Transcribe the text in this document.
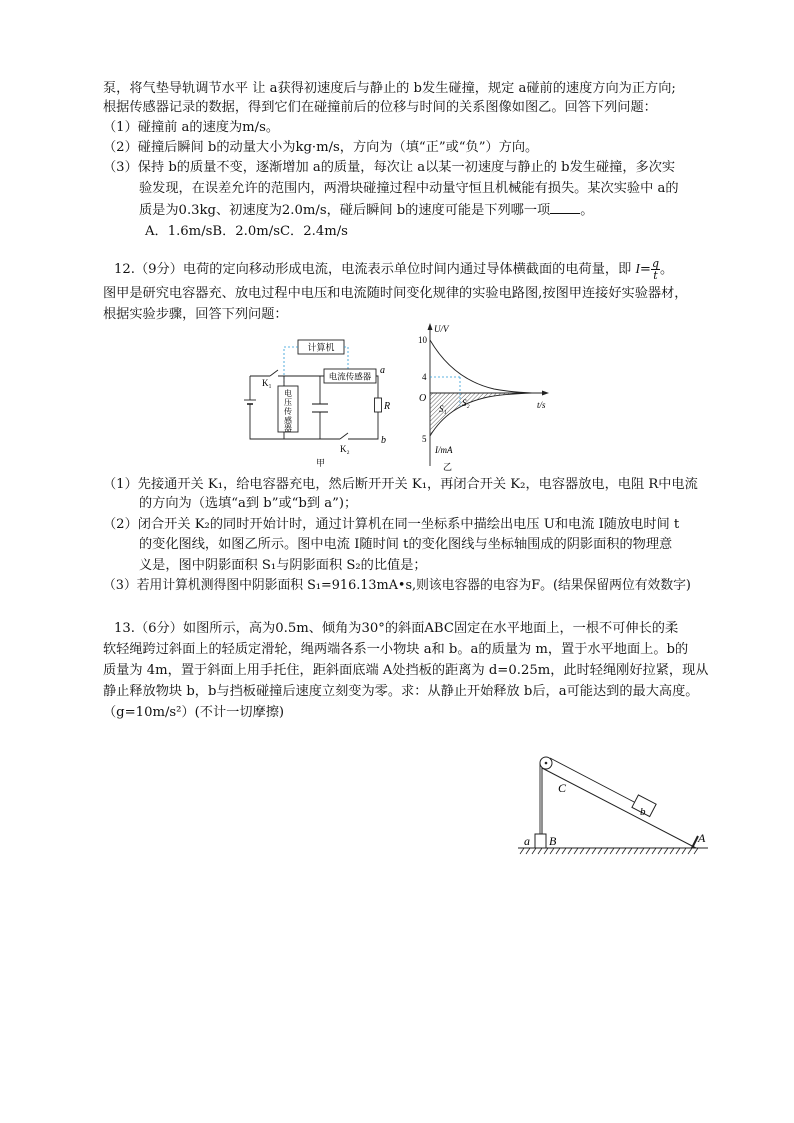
泵，将气垫导轨调节水平 让 a获得初速度后与静止的 b发生碰撞，规定 a碰前的速度方向为正方向;
根据传感器记录的数据，得到它们在碰撞前后的位移与时间的关系图像如图乙。回答下列问题：
（1）碰撞前 a的速度为m/s。
（2）碰撞后瞬间 b的动量大小为kg·m/s，方向为（填“正”或“负”）方向。
（3）保持 b的质量不变，逐渐增加 a的质量，每次让 a以某一初速度与静止的 b发生碰撞，多次实
验发现，在误差允许的范围内，两滑块碰撞过程中动量守恒且机械能有损失。某次实验中 a的
质是为0.3kg、初速度为2.0m/s，碰后瞬间 b的速度可能是下列哪一项 。
A．1.6m/sB．2.0m/sC．2.4m/s
12.（9分）电荷的定向移动形成电流，电流表示单位时间内通过导体横截面的电荷量，即 $I= \frac{q}{t}$ 。
图甲是研究电容器充、放电过程中电压和电流随时间变化规律的实验电路图,按图甲连接好实验器材，
根据实验步骤，回答下列问题：
计算机
电流传感器
电
压
传
感
器
K₁
K₂
R
a
b
甲
U/V
10
4
O
5
I/mA
t/s
S₁
S₂
乙
（1）先接通开关 K₁，给电容器充电，然后断开开关 K₁，再闭合开关 K₂，电容器放电，电阻 R中电流
的方向为（选填“a到 b”或“b到 a”)；
（2）闭合开关 K₂的同时开始计时，通过计算机在同一坐标系中描绘出电压 U和电流 I随放电时间 t
的变化图线，如图乙所示。图中电流 I随时间 t的变化图线与坐标轴围成的阴影面积的物理意
义是，图中阴影面积 S₁与阴影面积 S₂的比值是；
（3）若用计算机测得图中阴影面积 S₁=916.13mA•s,则该电容器的电容为F。(结果保留两位有效数字)
13.（6分）如图所示，高为0.5m、倾角为30°的斜面ABC固定在水平地面上，一根不可伸长的柔
软轻绳跨过斜面上的轻质定滑轮，绳两端各系一小物块 a和 b。a的质量为 m，置于水平地面上。b的
质量为 4m，置于斜面上用手托住，距斜面底端 A处挡板的距离为 d=0.25m，此时轻绳刚好拉紧，现从
静止释放物块 b，b与挡板碰撞后速度立刻变为零。求：从静止开始释放 b后，a可能达到的最大高度。
（g=10m/s²）(不计一切摩擦)
a
b
B
C
A
